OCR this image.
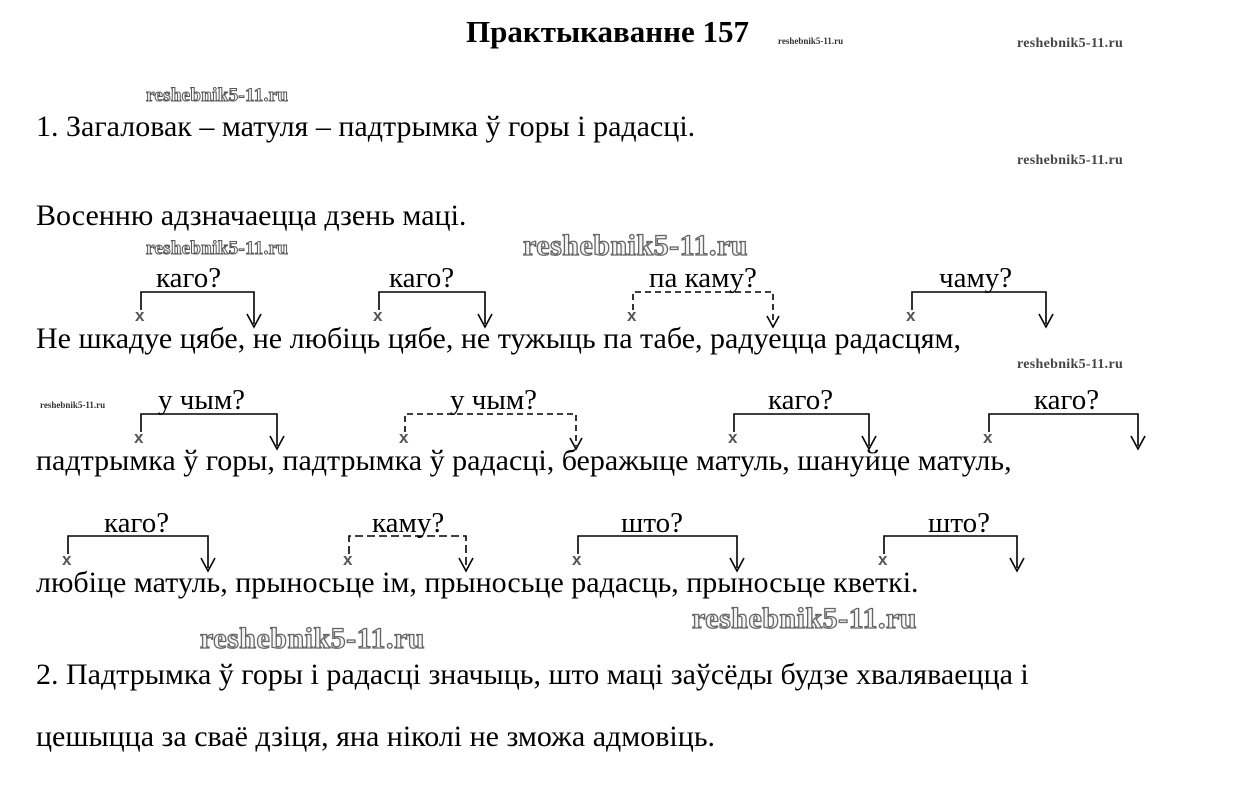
Практыкаванне 157	reshebnik5-11.ru	reshebnik5-11.ru
reshebnik5-11.ru
1. Загаловак – матуля – падтрымка ў горы і радасці.
reshebnik5-11.ru
Восенню адзначаецца дзень маці.
reshebnik5-11.ru	reshebnik5-11.ru
каго?	каго?	па каму?	чаму?
x	x	x	x
Не шкадуе цябе, не любіць цябе, не тужыць па табе, радуецца радасцям,
reshebnik5-11.ru
reshebnik5-11.ru у чым?	у чым?	каго?	каго?
x	x	x	x
падтрымка ў горы, падтрымка ў радасці, беражыце матуль, шануйце матуль,
каго?	каму?	што?	што?
x	x	x	x
любіце матуль, прыносьце ім, прыносьце радасць, прыносьце кветкі.
reshebnik5-11.ru
reshebnik5-11.ru
2. Падтрымка ў горы і радасці значыць, што маці заўсёды будзе хваляваецца і
цешыцца за сваё дзіця, яна ніколі не зможа адмовіць.
